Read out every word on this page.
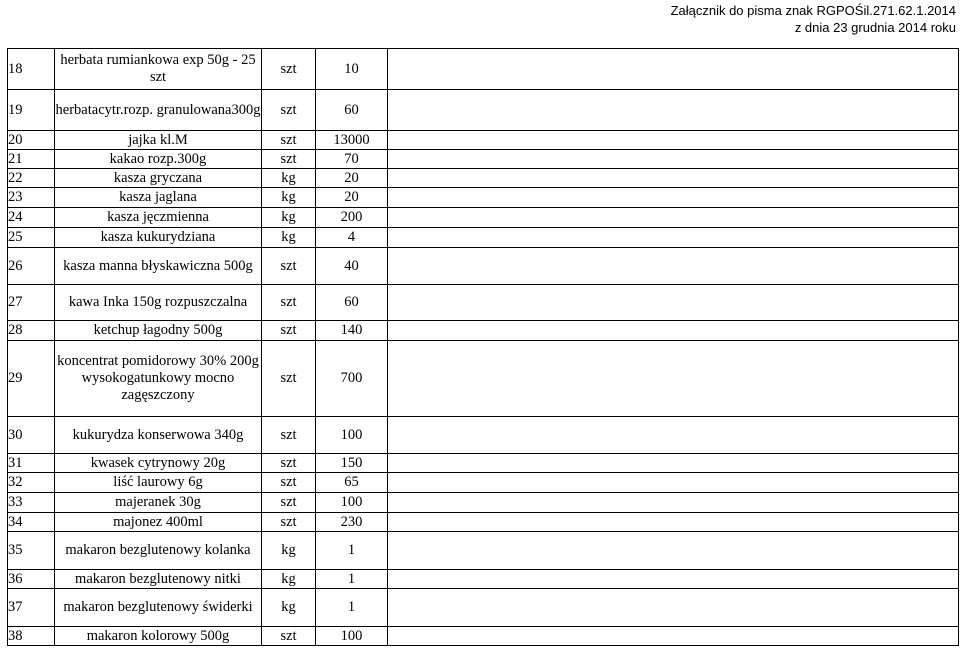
Załącznik do pisma znak RGPOŚil.271.62.1.2014
z dnia 23 grudnia 2014 roku
18	herbata rumiankowa exp 50g - 25 szt	szt	10	
19	herbatacytr.rozp. granulowana300g	szt	60	
20	jajka kl.M	szt	13000	
21	kakao rozp.300g	szt	70	
22	kasza gryczana	kg	20	
23	kasza jaglana	kg	20	
24	kasza jęczmienna	kg	200	
25	kasza kukurydziana	kg	4	
26	kasza manna błyskawiczna 500g	szt	40	
27	kawa Inka 150g rozpuszczalna	szt	60	
28	ketchup łagodny 500g	szt	140	
29	koncentrat pomidorowy 30% 200g wysokogatunkowy mocno zagęszczony	szt	700	
30	kukurydza konserwowa 340g	szt	100	
31	kwasek cytrynowy 20g	szt	150	
32	liść laurowy 6g	szt	65	
33	majeranek 30g	szt	100	
34	majonez 400ml	szt	230	
35	makaron bezglutenowy kolanka	kg	1	
36	makaron bezglutenowy nitki	kg	1	
37	makaron bezglutenowy świderki	kg	1	
38	makaron kolorowy 500g	szt	100	
